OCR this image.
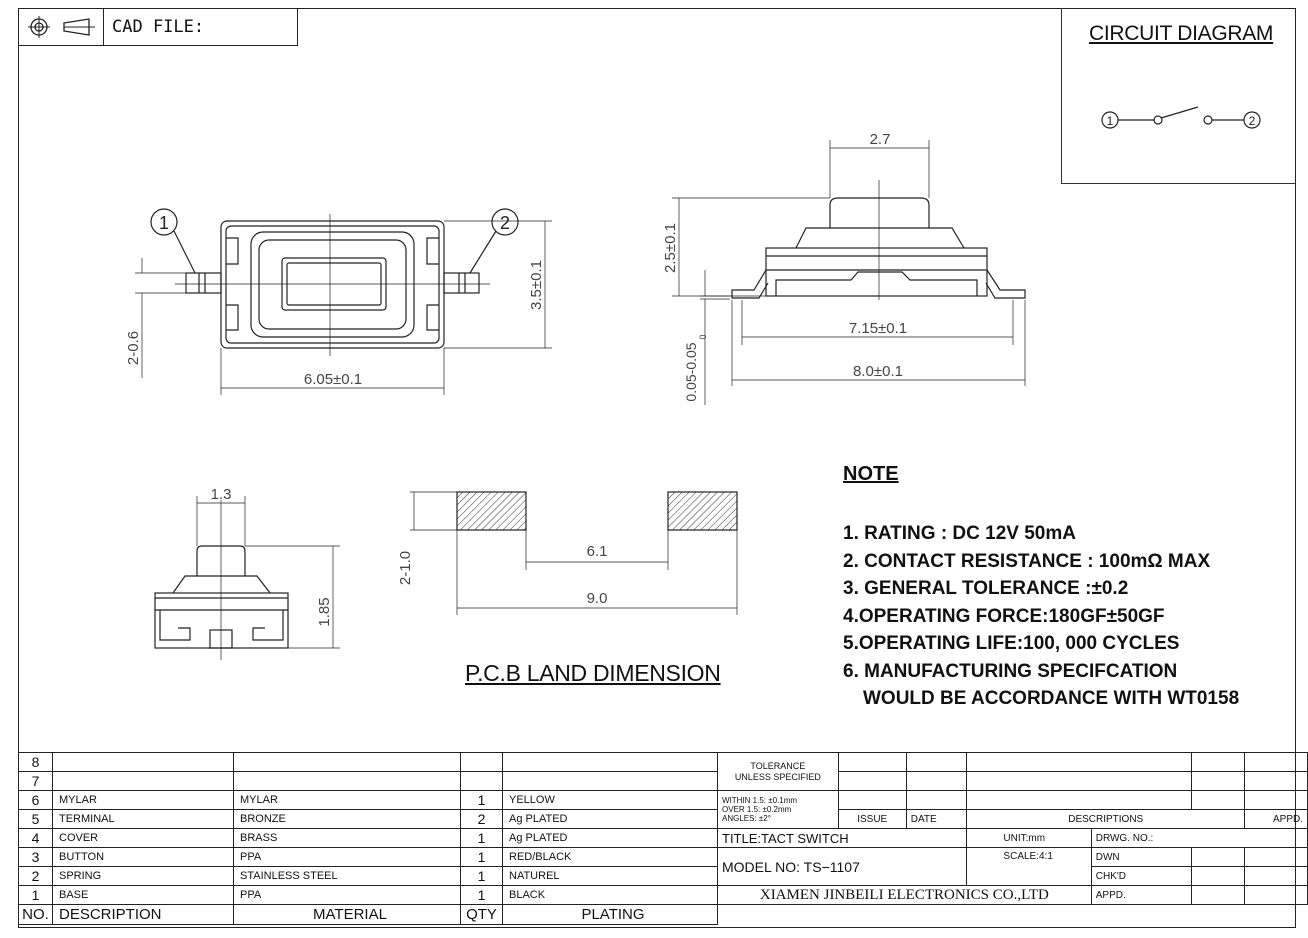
CAD FILE:	CIRCUIT DIAGRAM
1	2
1	2
6.05±0.1
3.5±0.1
2-0.6
2.7
2.5±0.1
7.15±0.1
8.0±0.1
0.05-0.05
0
1.3
1.85
2-1.0	6.1
9.0
P.C.B LAND DIMENSION
NOTE
1. RATING : DC 12V 50mA
2. CONTACT RESISTANCE : 100mΩ MAX
3. GENERAL TOLERANCE :±0.2
4.OPERATING FORCE:180GF±50GF
5.OPERATING LIFE:100, 000 CYCLES
6. MANUFACTURING SPECIFCATION
WOULD BE ACCORDANCE WITH WT0158
8				
7				
6	MYLAR	MYLAR	1	YELLOW
5	TERMINAL	BRONZE	2	Ag PLATED
4	COVER	BRASS	1	Ag PLATED
3	BUTTON	PPA	1	RED/BLACK
2	SPRING	STAINLESS STEEL	1	NATUREL
1	BASE	PPA	1	BLACK
NO.	DESCRIPTION	MATERIAL	QTY	PLATING
TOLERANCE
UNLESS SPECIFIED						

WITHIN 1.5: ±0.1mm
OVER 1.5: ±0.2mm
ANGLES: ±2°						

	ISSUE	DATE	DESCRIPTIONS			APPD.
TITLE:TACT SWITCH			UNIT:mm	DRWG. NO.:		
MODEL NO: TS−1107			SCALE:4:1	DWN		
				CHK'D		
XIAMEN JINBEILI ELECTRONICS CO.,LTD				APPD.		
